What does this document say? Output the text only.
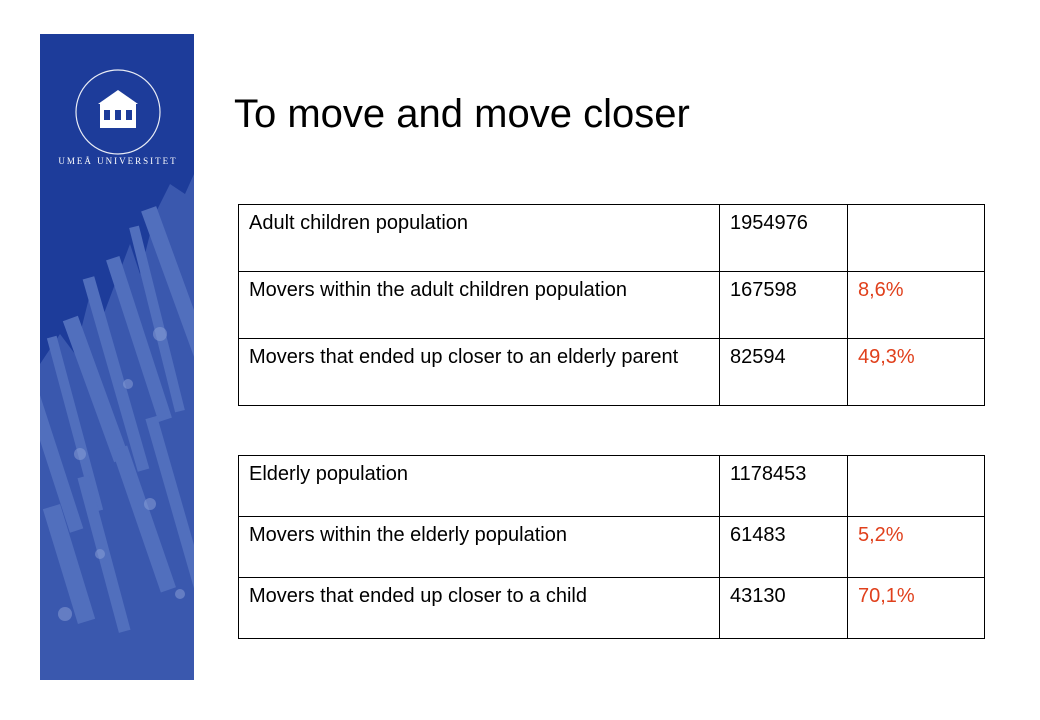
UMEÅ UNIVERSITET
To move and move closer
Adult children population	1954976	
Movers within the adult children population	167598	8,6%
Movers that ended up closer to an elderly parent	82594	49,3%
Elderly population	1178453	
Movers within the elderly population	61483	5,2%
Movers that ended up closer to a child	43130	70,1%
